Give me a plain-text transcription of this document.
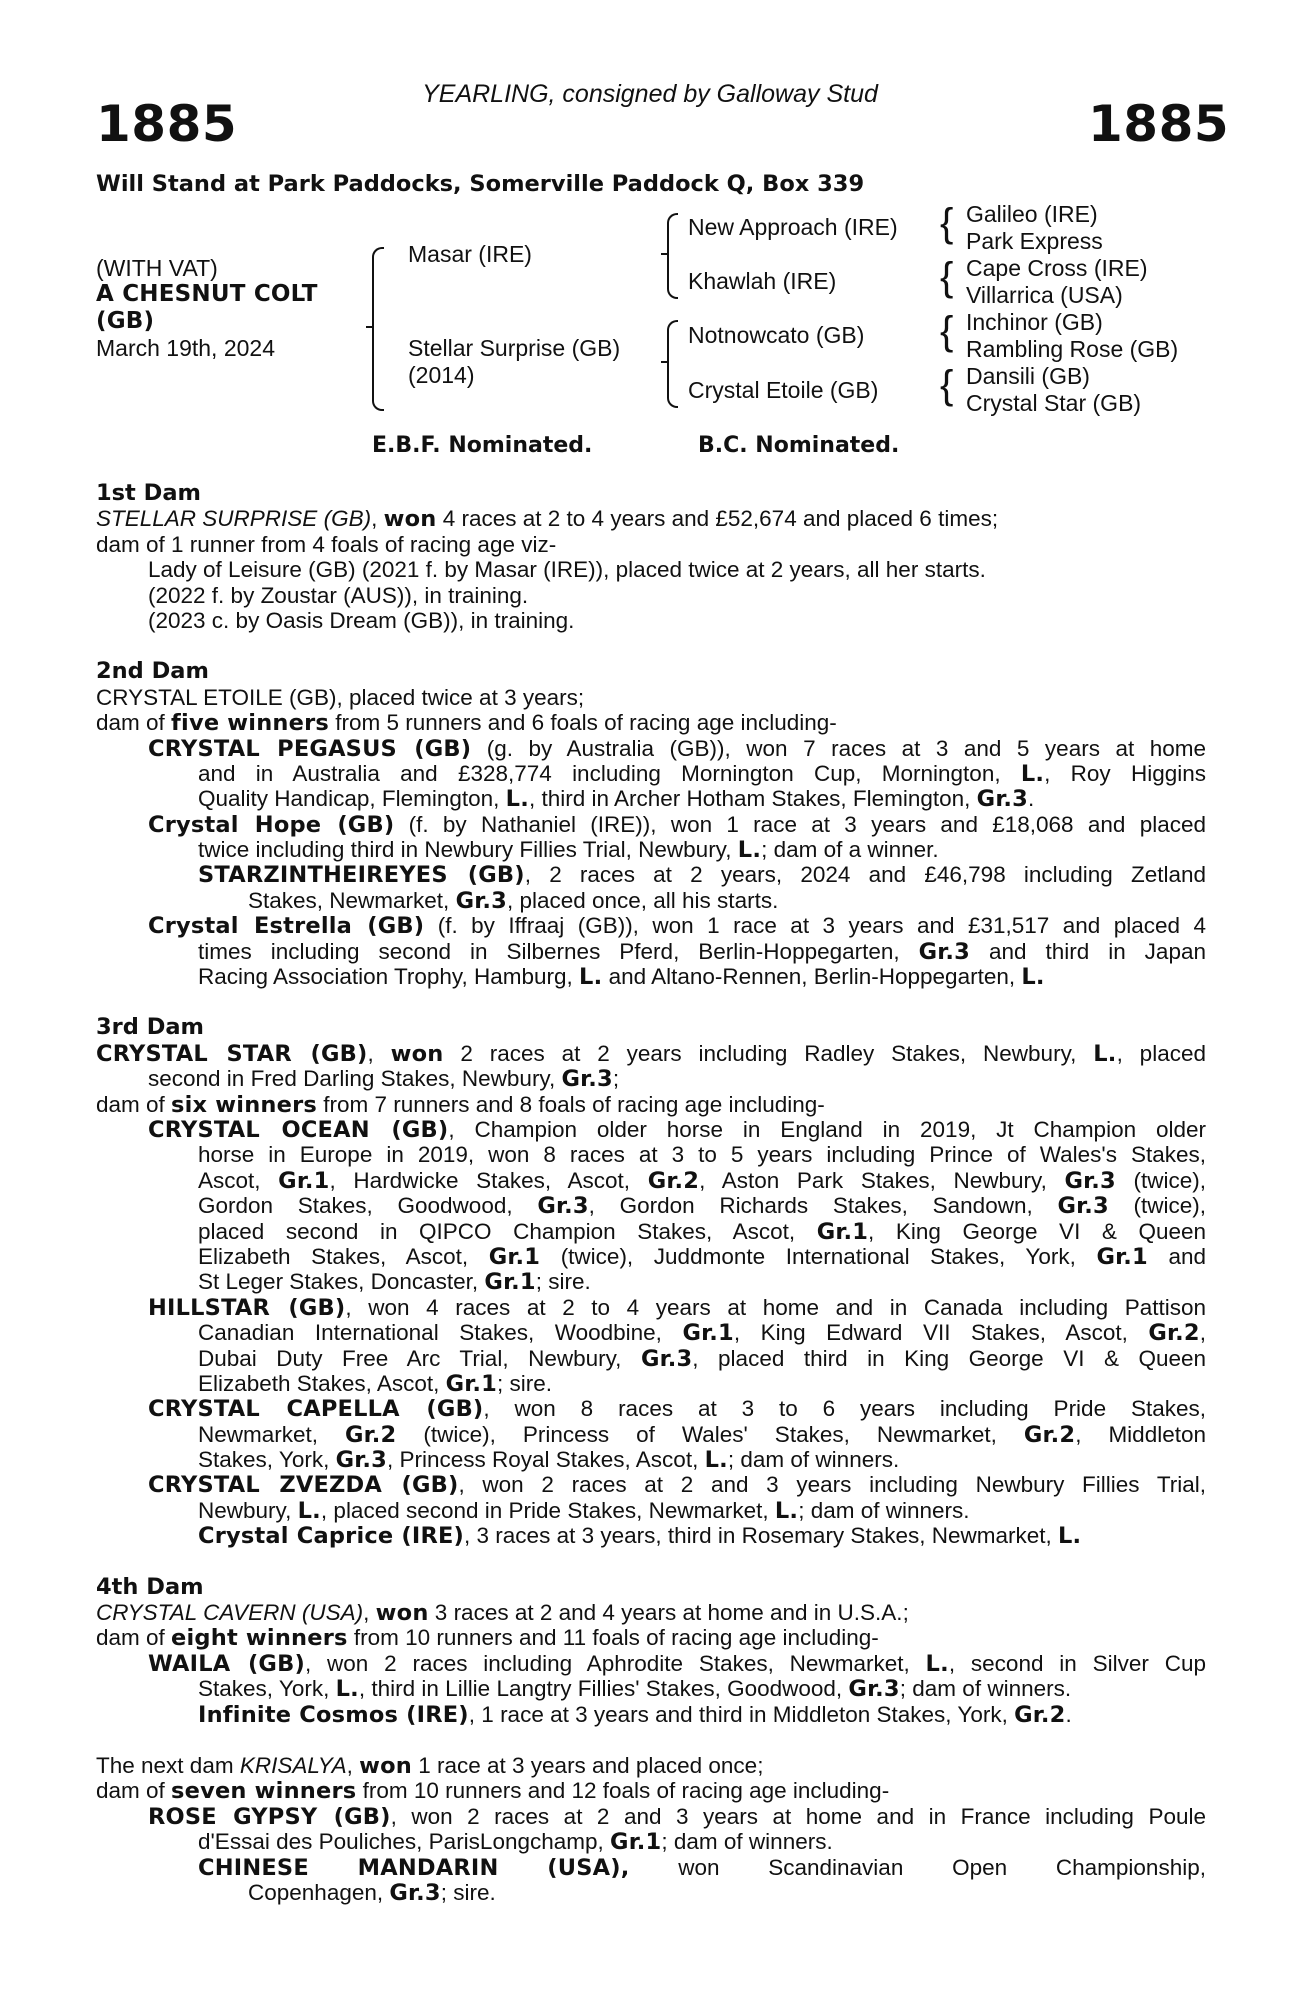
YEARLING, consigned by Galloway Stud
1885	1885
Will Stand at Park Paddocks, Somerville Paddock Q, Box 339
(WITH VAT)
A CHESNUT COLT
(GB)
March 19th, 2024
Masar (IRE)
Stellar Surprise (GB)
(2014)
New Approach (IRE)
Khawlah (IRE)
Notnowcato (GB)
Crystal Etoile (GB)
{
{
{
{
Galileo (IRE)
Park Express
Cape Cross (IRE)
Villarrica (USA)
Inchinor (GB)
Rambling Rose (GB)
Dansili (GB)
Crystal Star (GB)
E.B.F. Nominated.	B.C. Nominated.
1st Dam
STELLAR SURPRISE (GB), won 4 races at 2 to 4 years and £52,674 and placed 6 times;
dam of 1 runner from 4 foals of racing age viz-
Lady of Leisure (GB) (2021 f. by Masar (IRE)), placed twice at 2 years, all her starts.
(2022 f. by Zoustar (AUS)), in training.
(2023 c. by Oasis Dream (GB)), in training.
2nd Dam
CRYSTAL ETOILE (GB), placed twice at 3 years;
dam of five winners from 5 runners and 6 foals of racing age including-
CRYSTAL PEGASUS (GB) (g. by Australia (GB)), won 7 races at 3 and 5 years at home
and in Australia and £328,774 including Mornington Cup, Mornington, L., Roy Higgins
Quality Handicap, Flemington, L., third in Archer Hotham Stakes, Flemington, Gr.3.
Crystal Hope (GB) (f. by Nathaniel (IRE)), won 1 race at 3 years and £18,068 and placed
twice including third in Newbury Fillies Trial, Newbury, L.; dam of a winner.
STARZINTHEIREYES (GB), 2 races at 2 years, 2024 and £46,798 including Zetland
Stakes, Newmarket, Gr.3, placed once, all his starts.
Crystal Estrella (GB) (f. by Iffraaj (GB)), won 1 race at 3 years and £31,517 and placed 4
times including second in Silbernes Pferd, Berlin-Hoppegarten, Gr.3 and third in Japan
Racing Association Trophy, Hamburg, L. and Altano-Rennen, Berlin-Hoppegarten, L.
3rd Dam
CRYSTAL STAR (GB), won 2 races at 2 years including Radley Stakes, Newbury, L., placed
second in Fred Darling Stakes, Newbury, Gr.3;
dam of six winners from 7 runners and 8 foals of racing age including-
CRYSTAL OCEAN (GB), Champion older horse in England in 2019, Jt Champion older
horse in Europe in 2019, won 8 races at 3 to 5 years including Prince of Wales's Stakes,
Ascot, Gr.1, Hardwicke Stakes, Ascot, Gr.2, Aston Park Stakes, Newbury, Gr.3 (twice),
Gordon Stakes, Goodwood, Gr.3, Gordon Richards Stakes, Sandown, Gr.3 (twice),
placed second in QIPCO Champion Stakes, Ascot, Gr.1, King George VI & Queen
Elizabeth Stakes, Ascot, Gr.1 (twice), Juddmonte International Stakes, York, Gr.1 and
St Leger Stakes, Doncaster, Gr.1; sire.
HILLSTAR (GB), won 4 races at 2 to 4 years at home and in Canada including Pattison
Canadian International Stakes, Woodbine, Gr.1, King Edward VII Stakes, Ascot, Gr.2,
Dubai Duty Free Arc Trial, Newbury, Gr.3, placed third in King George VI & Queen
Elizabeth Stakes, Ascot, Gr.1; sire.
CRYSTAL CAPELLA (GB), won 8 races at 3 to 6 years including Pride Stakes,
Newmarket, Gr.2 (twice), Princess of Wales' Stakes, Newmarket, Gr.2, Middleton
Stakes, York, Gr.3, Princess Royal Stakes, Ascot, L.; dam of winners.
CRYSTAL ZVEZDA (GB), won 2 races at 2 and 3 years including Newbury Fillies Trial,
Newbury, L., placed second in Pride Stakes, Newmarket, L.; dam of winners.
Crystal Caprice (IRE), 3 races at 3 years, third in Rosemary Stakes, Newmarket, L.
4th Dam
CRYSTAL CAVERN (USA), won 3 races at 2 and 4 years at home and in U.S.A.;
dam of eight winners from 10 runners and 11 foals of racing age including-
WAILA (GB), won 2 races including Aphrodite Stakes, Newmarket, L., second in Silver Cup
Stakes, York, L., third in Lillie Langtry Fillies' Stakes, Goodwood, Gr.3; dam of winners.
Infinite Cosmos (IRE), 1 race at 3 years and third in Middleton Stakes, York, Gr.2.
The next dam KRISALYA, won 1 race at 3 years and placed once;
dam of seven winners from 10 runners and 12 foals of racing age including-
ROSE GYPSY (GB), won 2 races at 2 and 3 years at home and in France including Poule
d'Essai des Pouliches, ParisLongchamp, Gr.1; dam of winners.
CHINESE MANDARIN (USA), won Scandinavian Open Championship,
Copenhagen, Gr.3; sire.
